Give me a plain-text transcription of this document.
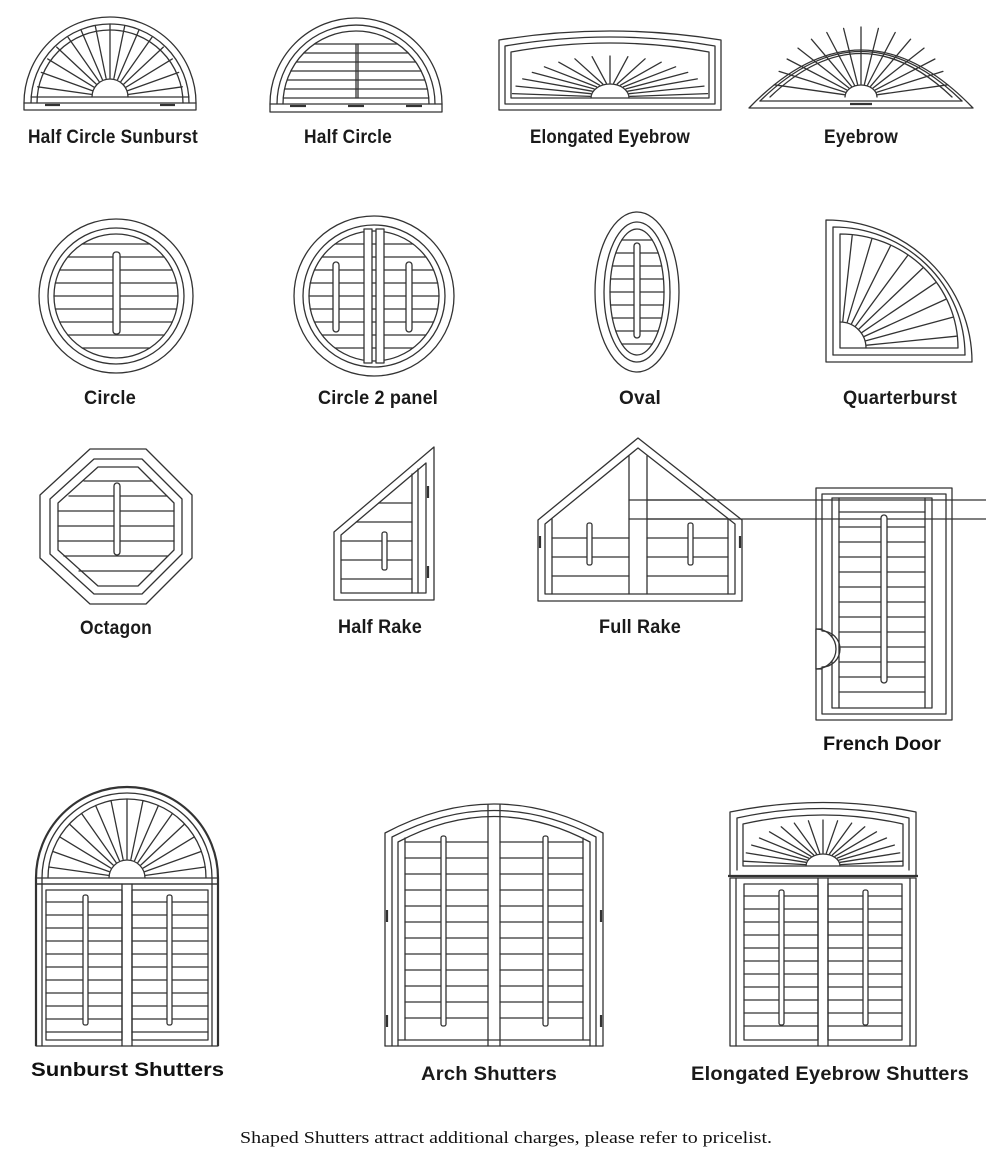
Half Circle Sunburst	Half Circle	Elongated Eyebrow	Eyebrow
Circle	Circle 2 panel	Oval	Quarterburst
Octagon	Half Rake	Full Rake
French Door
Sunburst Shutters	Arch Shutters	Elongated Eyebrow Shutters
Shaped Shutters attract additional charges, please refer to pricelist.
